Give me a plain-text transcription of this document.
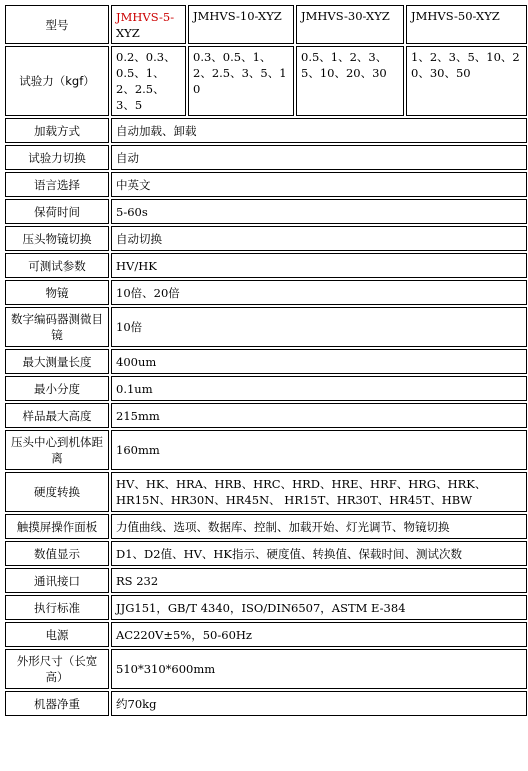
型号	JMHVS-5-XYZ	JMHVS-10-XYZ	JMHVS-30-XYZ	JMHVS-50-XYZ
试验力（kgf）	0.2、0.3、0.5、1、2、2.5、3、5	0.3、0.5、1、2、2.5、3、5、10	0.5、1、2、3、5、10、20、30	1、2、3、5、10、20、30、50
加载方式	自动加载、卸载			
试验力切换	自动			
语言选择	中英文			
保荷时间	5-60s			
压头物镜切换	自动切换			
可测试参数	HV/HK			
物镜	10倍、20倍			
数字编码器测微目镜	10倍			
最大测量长度	400um			
最小分度	0.1um			
样品最大高度	215mm			
压头中心到机体距离	160mm			
硬度转换	HV、HK、HRA、HRB、HRC、HRD、HRE、HRF、HRG、HRK、HR15N、HR30N、HR45N、 HR15T、HR30T、HR45T、HBW			
触摸屏操作面板	力值曲线、选项、数据库、控制、加载开始、灯光调节、物镜切换			
数值显示	D1、D2值、HV、HK指示、硬度值、转换值、保载时间、测试次数			
通讯接口	RS 232			
执行标准	JJG151，GB/T 4340，ISO/DIN6507，ASTM E-384			
电源	AC220V±5%，50-60Hz			
外形尺寸（长宽高）	510*310*600mm			
机器净重	约70kg			
